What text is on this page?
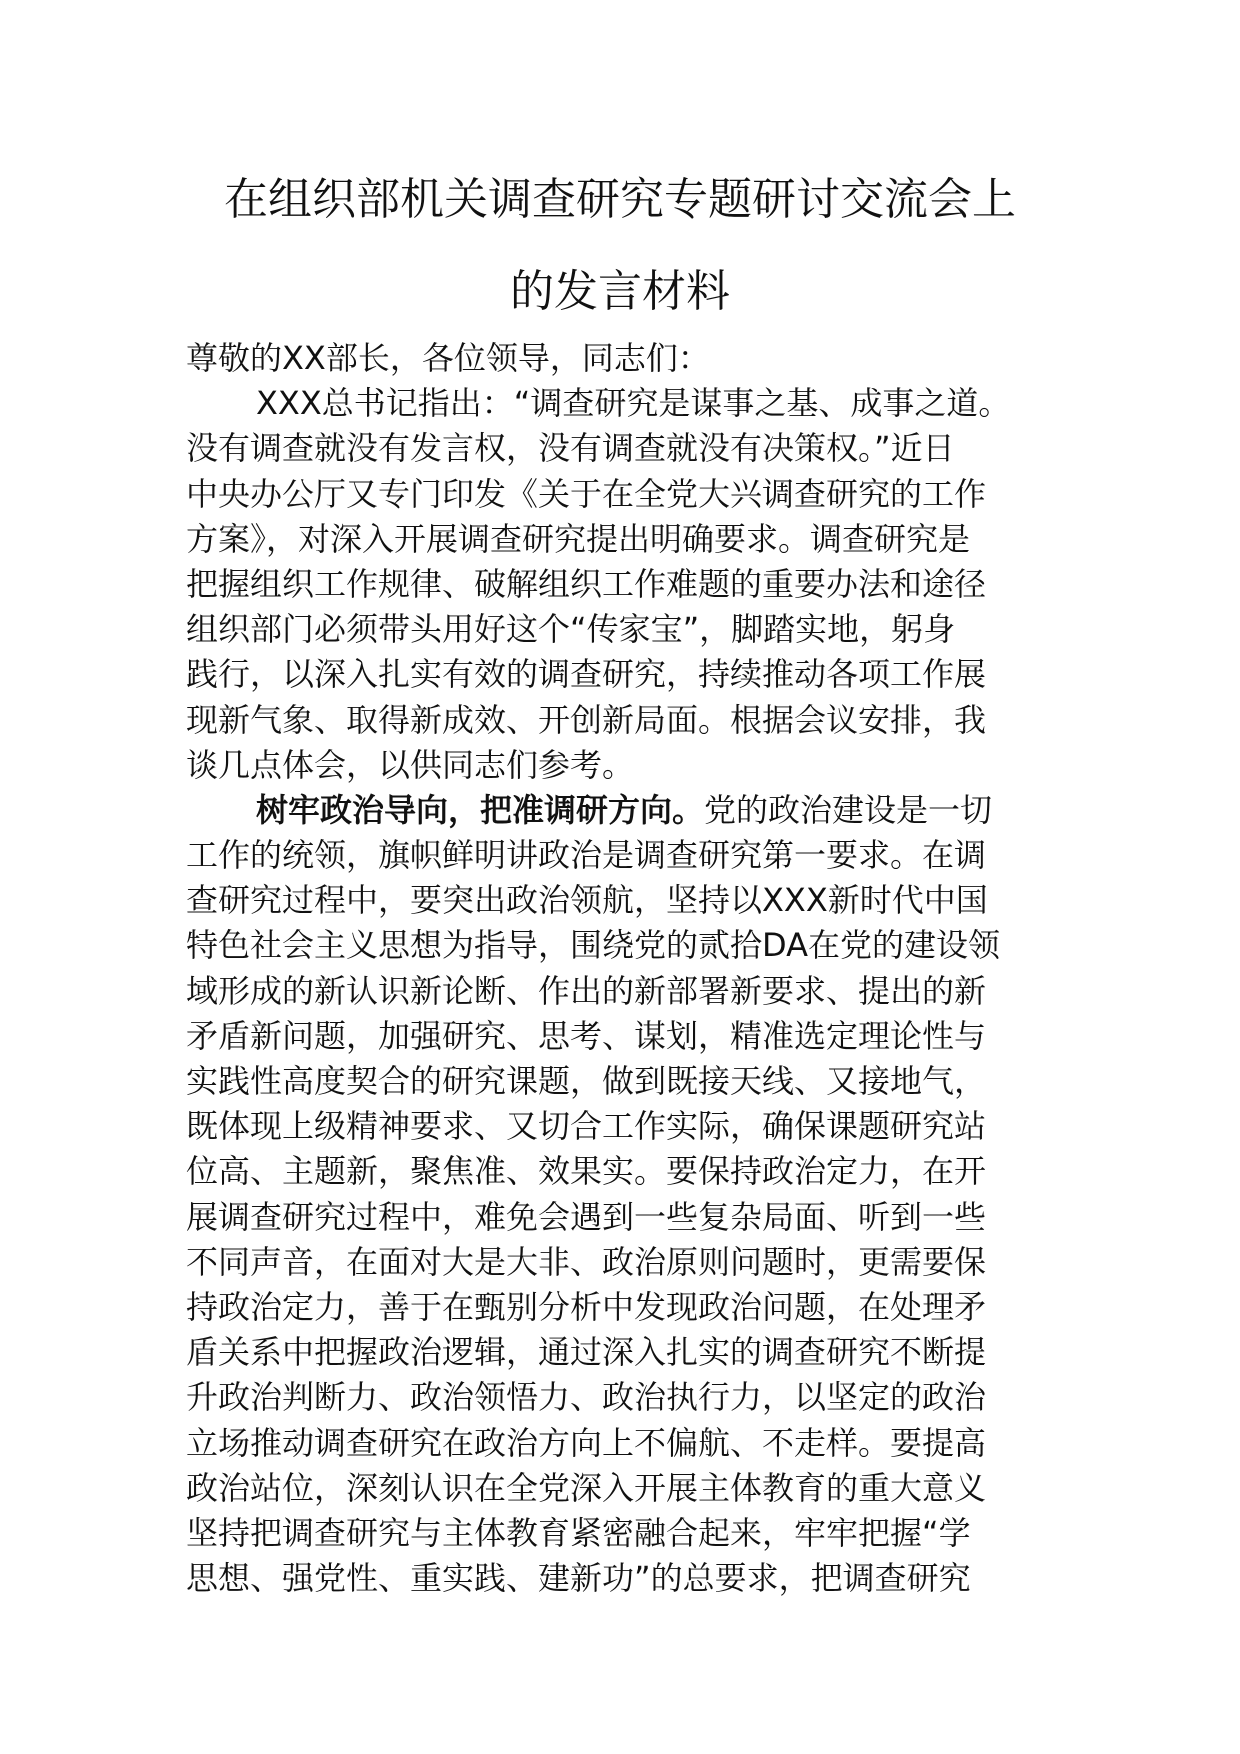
在组织部机关调查研究专题研讨交流会上
的发言材料
尊敬的XX部长，各位领导，同志们：
XXX总书记指出：“调查研究是谋事之基、成事之道。
没有调查就没有发言权，没有调查就没有决策权。”近日
中央办公厅又专门印发《关于在全党大兴调查研究的工作
方案》，对深入开展调查研究提出明确要求。调查研究是
把握组织工作规律、破解组织工作难题的重要办法和途径
组织部门必须带头用好这个“传家宝”，脚踏实地，躬身
践行，以深入扎实有效的调查研究，持续推动各项工作展
现新气象、取得新成效、开创新局面。根据会议安排，我
谈几点体会，以供同志们参考。
树牢政治导向，把准调研方向。党的政治建设是一切
工作的统领，旗帜鲜明讲政治是调查研究第一要求。在调
查研究过程中，要突出政治领航，坚持以XXX新时代中国
特色社会主义思想为指导，围绕党的贰拾DA在党的建设领
域形成的新认识新论断、作出的新部署新要求、提出的新
矛盾新问题，加强研究、思考、谋划，精准选定理论性与
实践性高度契合的研究课题，做到既接天线、又接地气，
既体现上级精神要求、又切合工作实际，确保课题研究站
位高、主题新，聚焦准、效果实。要保持政治定力，在开
展调查研究过程中，难免会遇到一些复杂局面、听到一些
不同声音，在面对大是大非、政治原则问题时，更需要保
持政治定力，善于在甄别分析中发现政治问题，在处理矛
盾关系中把握政治逻辑，通过深入扎实的调查研究不断提
升政治判断力、政治领悟力、政治执行力，以坚定的政治
立场推动调查研究在政治方向上不偏航、不走样。要提高
政治站位，深刻认识在全党深入开展主体教育的重大意义
坚持把调查研究与主体教育紧密融合起来，牢牢把握“学
思想、强党性、重实践、建新功”的总要求，把调查研究
